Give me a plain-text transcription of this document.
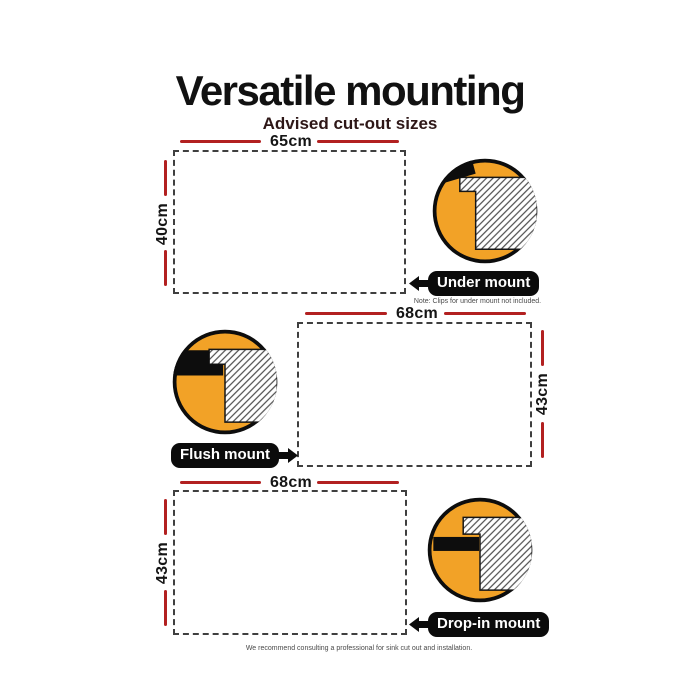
Versatile mounting
Advised cut-out sizes
65cm
40cm
Under mount
Note: Clips for under mount not included.
68cm
43cm
Flush mount
68cm
43cm
Drop-in mount
We recommend consulting a professional for sink cut out and installation.
